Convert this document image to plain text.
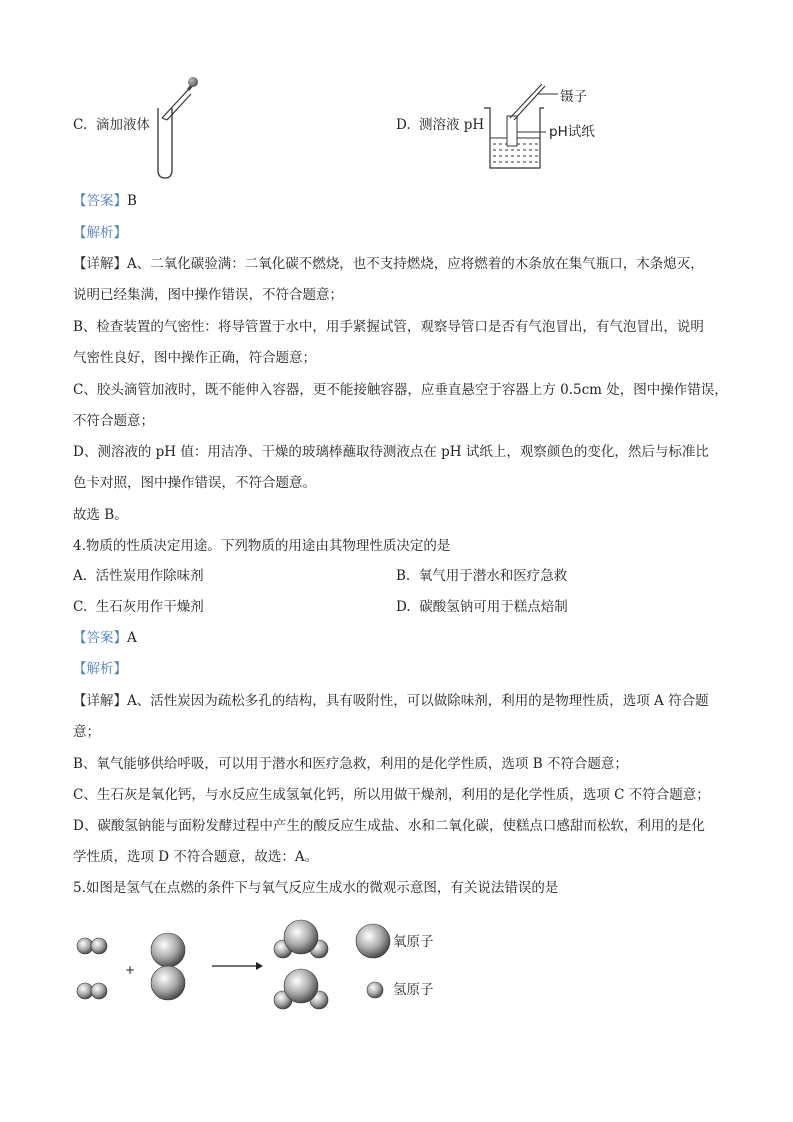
C. 滴加液体	D. 测溶液 pH
镊子
pH试纸
【答案】B
【解析】
【详解】A、二氧化碳验满：二氧化碳不燃烧，也不支持燃烧，应将燃着的木条放在集气瓶口，木条熄灭，
说明已经集满，图中操作错误，不符合题意；
B、检查装置的气密性：将导管置于水中，用手紧握试管，观察导管口是否有气泡冒出，有气泡冒出，说明
气密性良好，图中操作正确，符合题意；
C、胶头滴管加液时，既不能伸入容器，更不能接触容器，应垂直悬空于容器上方 0.5cm 处，图中操作错误，
不符合题意；
D、测溶液的 pH 值：用洁净、干燥的玻璃棒蘸取待测液点在 pH 试纸上，观察颜色的变化，然后与标准比
色卡对照，图中操作错误，不符合题意。
故选 B。
4.物质的性质决定用途。下列物质的用途由其物理性质决定的是
A. 活性炭用作除味剂	B. 氧气用于潜水和医疗急救
C. 生石灰用作干燥剂	D. 碳酸氢钠可用于糕点焙制
【答案】A
【解析】
【详解】A、活性炭因为疏松多孔的结构，具有吸附性，可以做除味剂，利用的是物理性质，选项 A 符合题
意；
B、氧气能够供给呼吸，可以用于潜水和医疗急救，利用的是化学性质，选项 B 不符合题意；
C、生石灰是氧化钙，与水反应生成氢氧化钙，所以用做干燥剂，利用的是化学性质，选项 C 不符合题意；
D、碳酸氢钠能与面粉发酵过程中产生的酸反应生成盐、水和二氧化碳，使糕点口感甜而松软，利用的是化
学性质，选项 D 不符合题意，故选：A。
5.如图是氢气在点燃的条件下与氧气反应生成水的微观示意图，有关说法错误的是
+
氧原子
氢原子
